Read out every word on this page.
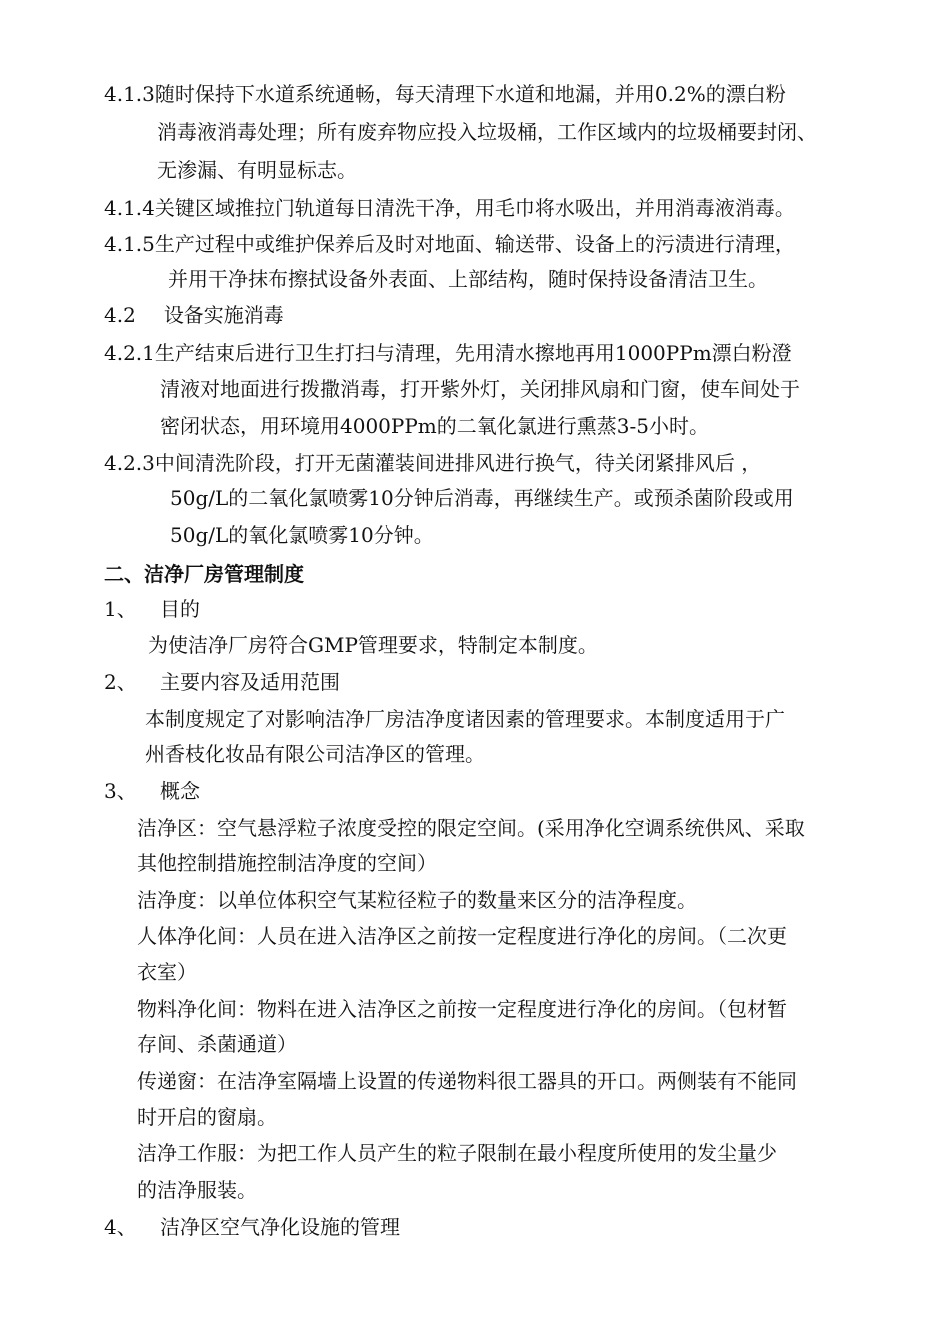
4.1.3随时保持下水道系统通畅，每天清理下水道和地漏，并用0.2%的漂白粉
消毒液消毒处理；所有废弃物应投入垃圾桶，工作区域内的垃圾桶要封闭、
无渗漏、有明显标志。
4.1.4关键区域推拉门轨道每日清洗干净，用毛巾将水吸出，并用消毒液消毒。
4.1.5生产过程中或维护保养后及时对地面、输送带、设备上的污渍进行清理，
并用干净抹布擦拭设备外表面、上部结构，随时保持设备清洁卫生。
4.2 设备实施消毒
4.2.1生产结束后进行卫生打扫与清理，先用清水擦地再用1000PPm漂白粉澄
清液对地面进行拨撒消毒，打开紫外灯，关闭排风扇和门窗，使车间处于
密闭状态，用环境用4000PPm的二氧化氯进行熏蒸3-5小时。
4.2.3中间清洗阶段，打开无菌灌装间进排风进行换气，待关闭紧排风后 ，
50g/L的二氧化氯喷雾10分钟后消毒，再继续生产。或预杀菌阶段或用
50g/L的氧化氯喷雾10分钟。
二、洁净厂房管理制度
1、 目的
为使洁净厂房符合GMP管理要求，特制定本制度。
2、 主要内容及适用范围
本制度规定了对影响洁净厂房洁净度诸因素的管理要求。本制度适用于广
州香枝化妆品有限公司洁净区的管理。
3、 概念
洁净区：空气悬浮粒子浓度受控的限定空间。(采用净化空调系统供风、采取
其他控制措施控制洁净度的空间）
洁净度：以单位体积空气某粒径粒子的数量来区分的洁净程度。
人体净化间：人员在进入洁净区之前按一定程度进行净化的房间。（二次更
衣室）
物料净化间：物料在进入洁净区之前按一定程度进行净化的房间。（包材暂
存间、杀菌通道）
传递窗：在洁净室隔墙上设置的传递物料很工器具的开口。两侧装有不能同
时开启的窗扇。
洁净工作服：为把工作人员产生的粒子限制在最小程度所使用的发尘量少
的洁净服装。
4、 洁净区空气净化设施的管理
